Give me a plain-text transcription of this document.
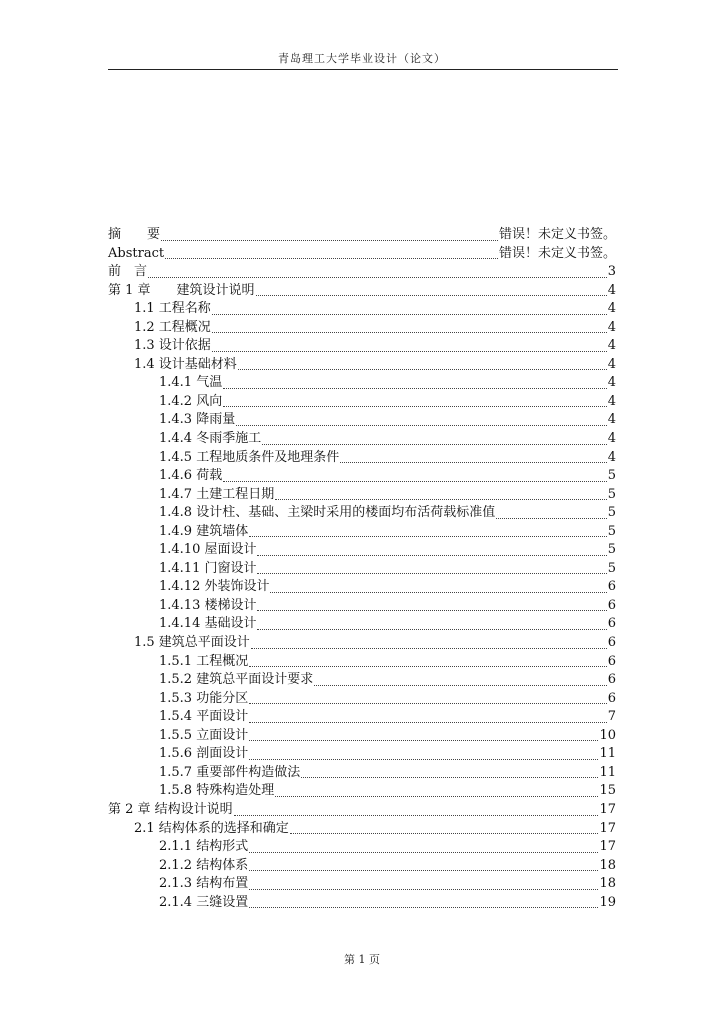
青岛理工大学毕业设计（论文）
摘　　要	错误！未定义书签。
Abstract	错误！未定义书签。
前　言	3
第 1 章　　建筑设计说明	4
1.1 工程名称	4
1.2 工程概况	4
1.3 设计依据	4
1.4 设计基础材料	4
1.4.1 气温	4
1.4.2 风向	4
1.4.3 降雨量	4
1.4.4 冬雨季施工	4
1.4.5 工程地质条件及地理条件	4
1.4.6 荷载	5
1.4.7 土建工程日期	5
1.4.8 设计柱、基础、主梁时采用的楼面均布活荷载标准值	5
1.4.9 建筑墙体	5
1.4.10 屋面设计	5
1.4.11 门窗设计	5
1.4.12 外装饰设计	6
1.4.13 楼梯设计	6
1.4.14 基础设计	6
1.5 建筑总平面设计	6
1.5.1 工程概况	6
1.5.2 建筑总平面设计要求	6
1.5.3 功能分区	6
1.5.4 平面设计	7
1.5.5 立面设计	10
1.5.6 剖面设计	11
1.5.7 重要部件构造做法	11
1.5.8 特殊构造处理	15
第 2 章 结构设计说明	17
2.1 结构体系的选择和确定	17
2.1.1 结构形式	17
2.1.2 结构体系	18
2.1.3 结构布置	18
2.1.4 三缝设置	19
第 1 页
